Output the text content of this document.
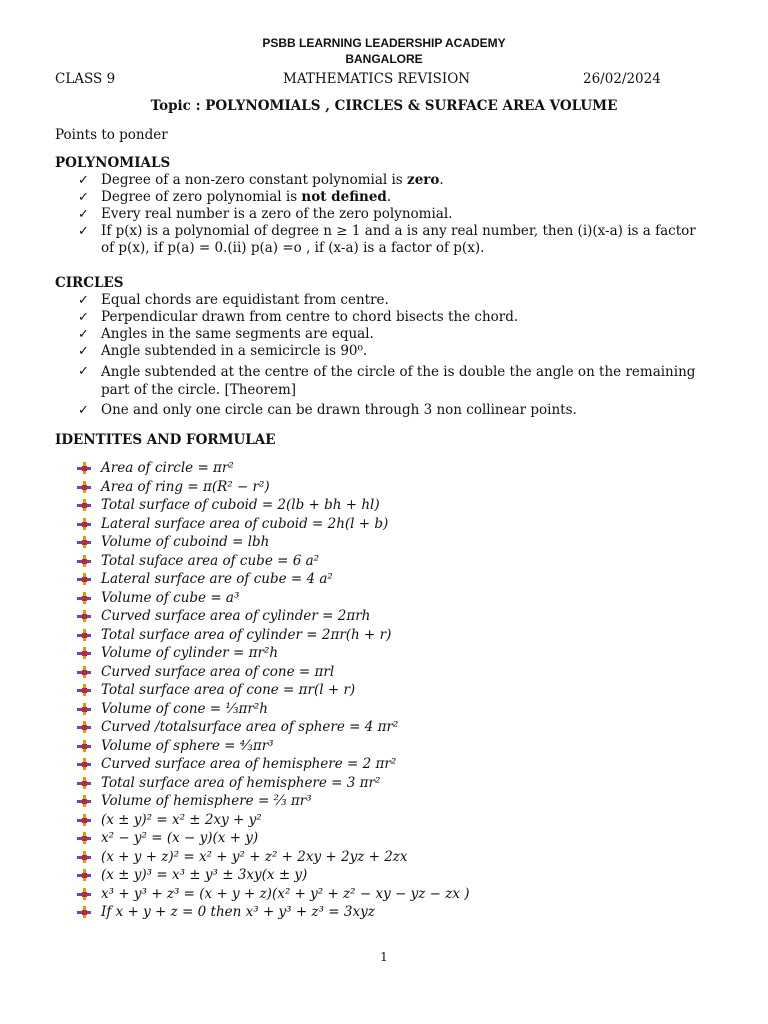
PSBB LEARNING LEADERSHIP ACADEMY
BANGALORE
CLASS 9	MATHEMATICS REVISION	26/02/2024
Topic : POLYNOMIALS , CIRCLES & SURFACE AREA VOLUME
Points to ponder
POLYNOMIALS
✓ Degree of a non-zero constant polynomial is zero.
✓ Degree of zero polynomial is not defined.
✓ Every real number is a zero of the zero polynomial.
✓ If p(x) is a polynomial of degree n ≥ 1 and a is any real number, then (i)(x-a) is a factor of p(x), if p(a) = 0.(ii) p(a) =o , if (x-a) is a factor of p(x).
CIRCLES
✓ Equal chords are equidistant from centre.
✓ Perpendicular drawn from centre to chord bisects the chord.
✓ Angles in the same segments are equal.
✓ Angle subtended in a semicircle is 90⁰.
✓ Angle subtended at the centre of the circle of the is double the angle on the remaining part of the circle. [Theorem]
✓ One and only one circle can be drawn through 3 non collinear points.
IDENTITES AND FORMULAE
Area of circle = πr²
Area of ring = π(R² − r²)
Total surface of cuboid = 2(lb + bh + hl)
Lateral surface area of cuboid = 2h(l + b)
Volume of cuboind = lbh
Total suface area of cube = 6 a²
Lateral surface are of cube = 4 a²
Volume of cube = a³
Curved surface area of cylinder = 2πrh
Total surface area of cylinder = 2πr(h + r)
Volume of cylinder = πr²h
Curved surface area of cone = πrl
Total surface area of cone = πr(l + r)
Volume of cone = ⅓πr²h
Curved /totalsurface area of sphere = 4 πr²
Volume of sphere = ⁴⁄₃πr³
Curved surface area of hemisphere = 2 πr²
Total surface area of hemisphere = 3 πr²
Volume of hemisphere = ⅔ πr³
(x ± y)² = x² ± 2xy + y²
x² − y² = (x − y)(x + y)
(x + y + z)² = x² + y² + z² + 2xy + 2yz + 2zx
(x ± y)³ = x³ ± y³ ± 3xy(x ± y)
x³ + y³ + z³ = (x + y + z)(x² + y² + z² − xy − yz − zx )
If x + y + z = 0 then x³ + y³ + z³ = 3xyz
1
